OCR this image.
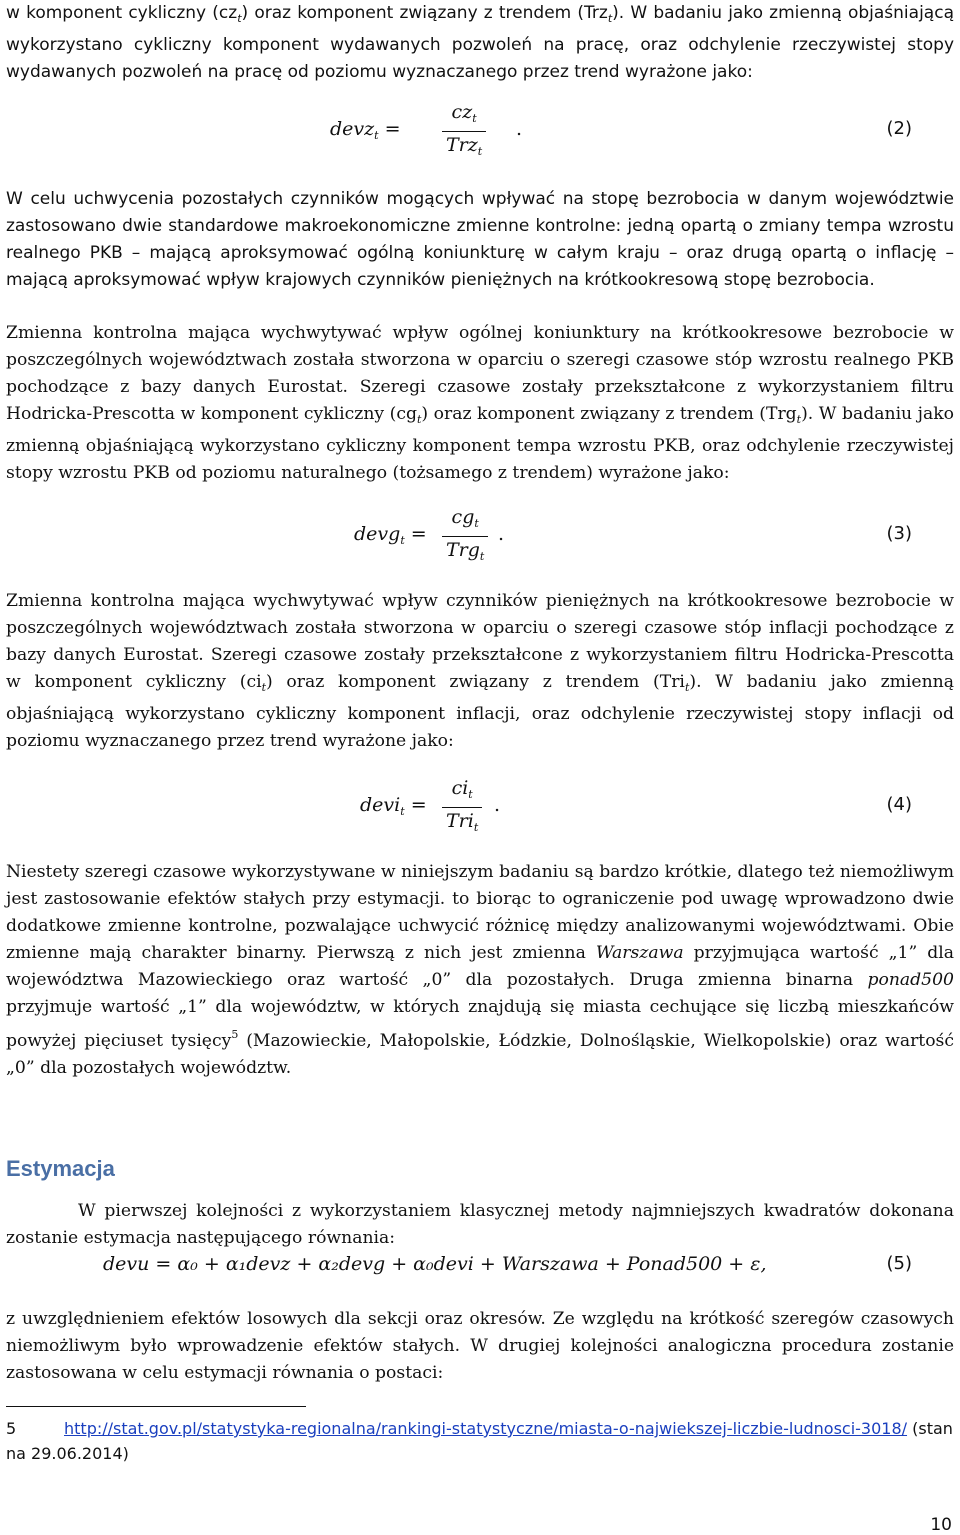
w komponent cykliczny $(cz_t)$ oraz komponent związany z trendem (Trz$_t$). W badaniu jako zmienną objaśniającą wykorzystano cykliczny komponent wydawanych pozwoleń na pracę, oraz odchylenie rzeczywistej stopy wydawanych pozwoleń na pracę od poziomu wyznaczanego przez trend wyrażone jako:

devz$_t$ =
$cz_t$
Trz$_t$
.	(2)

W celu uchwycenia pozostałych czynników mogących wpływać na stopę bezrobocia w danym województwie zastosowano dwie standardowe makroekonomiczne zmienne kontrolne: jedną opartą o zmiany tempa wzrostu realnego PKB – mającą aproksymować ogólną koniunkturę w całym kraju – oraz drugą opartą o inflację – mającą aproksymować wpływ krajowych czynników pieniężnych na krótkookresową stopę bezrobocia.

Zmienna kontrolna mająca wychwytywać wpływ ogólnej koniunktury na krótkookresowe bezrobocie w poszczególnych województwach została stworzona w oparciu o szeregi czasowe stóp wzrostu realnego PKB pochodzące z bazy danych Eurostat. Szeregi czasowe zostały przekształcone z wykorzystaniem filtru Hodricka-Prescotta w komponent cykliczny $(cg_t)$ oraz komponent związany z trendem (Trg$_t$). W badaniu jako zmienną objaśniającą wykorzystano cykliczny komponent tempa wzrostu PKB, oraz odchylenie rzeczywistej stopy wzrostu PKB od poziomu naturalnego (tożsamego z trendem) wyrażone jako:

devg$_t$ =
$cg_t$
Trg$_t$
.	(3)

Zmienna kontrolna mająca wychwytywać wpływ czynników pieniężnych na krótkookresowe bezrobocie w poszczególnych województwach została stworzona w oparciu o szeregi czasowe stóp inflacji pochodzące z bazy danych Eurostat. Szeregi czasowe zostały przekształcone z wykorzystaniem filtru Hodricka-Prescotta w komponent cykliczny $(ci_t)$ oraz komponent związany z trendem (Tri$_t$). W badaniu jako zmienną objaśniającą wykorzystano cykliczny komponent inflacji, oraz odchylenie rzeczywistej stopy inflacji od poziomu wyznaczanego przez trend wyrażone jako:

devi$_t$ =
$ci_t$
Tri$_t$
.	(4)

Niestety szeregi czasowe wykorzystywane w niniejszym badaniu są bardzo krótkie, dlatego też niemożliwym jest zastosowanie efektów stałych przy estymacji. to biorąc to ograniczenie pod uwagę wprowadzono dwie dodatkowe zmienne kontrolne, pozwalające uchwycić różnicę między analizowanymi województwami. Obie zmienne mają charakter binarny. Pierwszą z nich jest zmienna Warszawa przyjmująca wartość „1” dla województwa Mazowieckiego oraz wartość „0” dla pozostałych. Druga zmienna binarna ponad500 przyjmuje wartość „1” dla województw, w których znajdują się miasta cechujące się liczbą mieszkańców powyżej pięciuset tysięcy$^5$ (Mazowieckie, Małopolskie, Łódzkie, Dolnośląskie, Wielkopolskie) oraz wartość „0” dla pozostałych województw.

Estymacja

W pierwszej kolejności z wykorzystaniem klasycznej metody najmniejszych kwadratów dokonana zostanie estymacja następującego równania:

devu = α₀ + α₁devz + α₂devg + α₀devi + Warszawa + Ponad500 + ε,	(5)

z uwzględnieniem efektów losowych dla sekcji oraz okresów. Ze względu na krótkość szeregów czasowych niemożliwym było wprowadzenie efektów stałych. W drugiej kolejności analogiczna procedura zostanie zastosowana w celu estymacji równania o postaci:

5	http://stat.gov.pl/statystyka-regionalna/rankingi-statystyczne/miasta-o-najwiekszej-liczbie-ludnosci-3018/ (stan na 29.06.2014)
10
